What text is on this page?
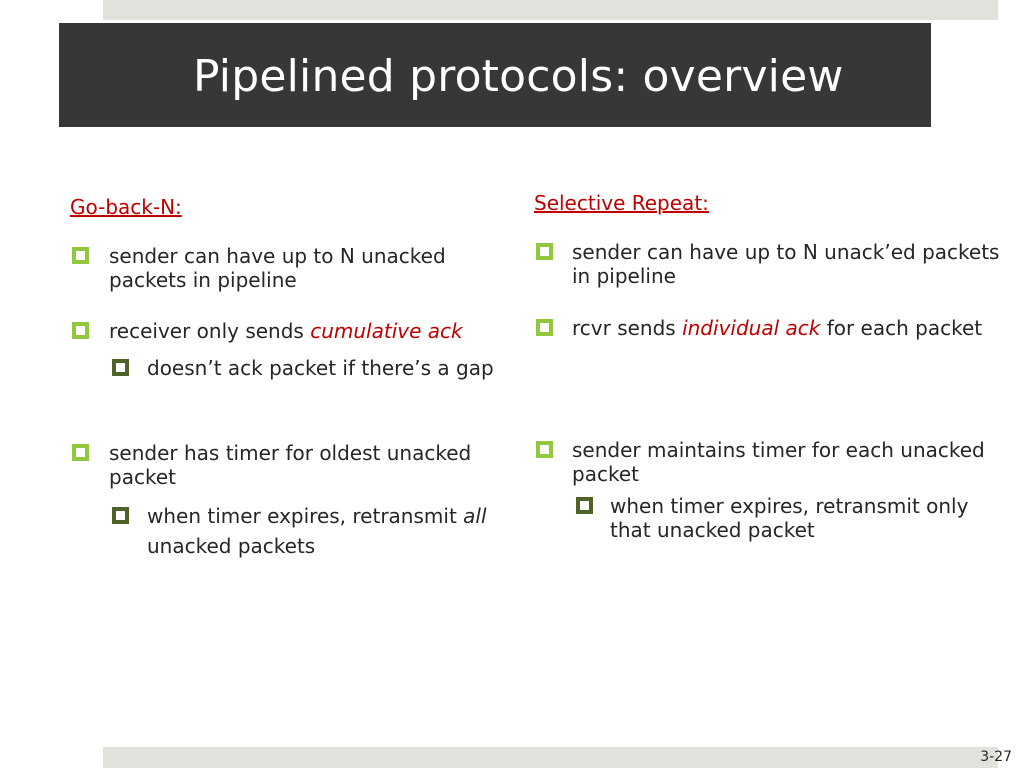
Pipelined protocols: overview

Go-back-N:

sender can have up to N unacked packets in pipeline
receiver only sends cumulative ack
doesn’t ack packet if there’s a gap
sender has timer for oldest unacked packet
when timer expires, retransmit all unacked packets

Selective Repeat:

sender can have up to N unack’ed packets in pipeline
rcvr sends individual ack for each packet
sender maintains timer for each unacked packet
when timer expires, retransmit only that unacked packet
3-27
